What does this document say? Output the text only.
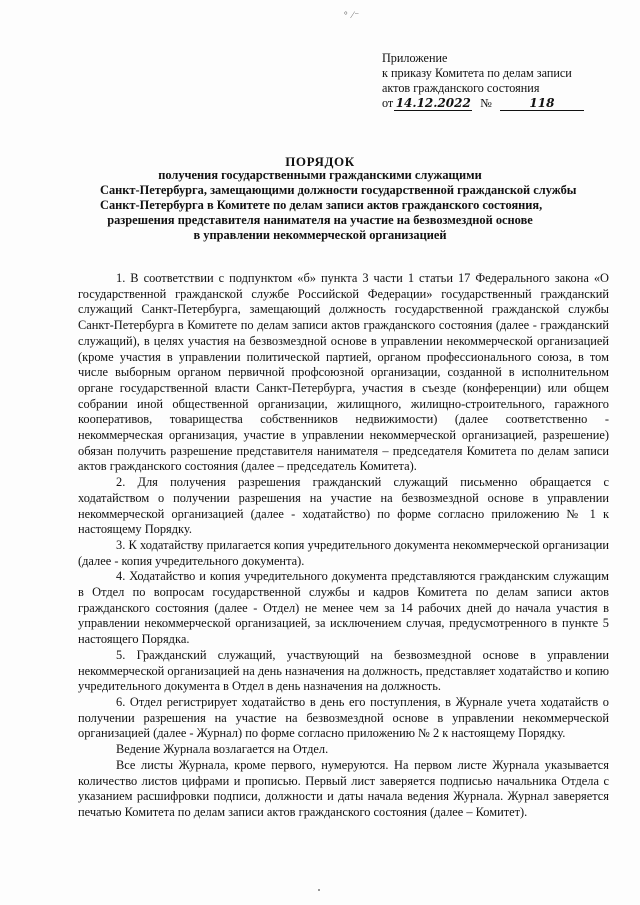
° ⁄⁻
Приложение
к приказу Комитета по делам записи
актов гражданского состояния
от 14.12.2022 №	118
ПОРЯДОК
получения государственными гражданскими служащими
Санкт-Петербурга, замещающими должности государственной гражданской службы
Санкт-Петербурга в Комитете по делам записи актов гражданского состояния,
разрешения представителя нанимателя на участие на безвозмездной основе
в управлении некоммерческой организацией

1. В соответствии с подпунктом «б» пункта 3 части 1 статьи 17 Федерального закона «О государственной гражданской службе Российской Федерации» государственный гражданский служащий Санкт-Петербурга, замещающий должность государственной гражданской службы Санкт-Петербурга в Комитете по делам записи актов гражданского состояния (далее - гражданский служащий), в целях участия на безвозмездной основе в управлении некоммерческой организацией (кроме участия в управлении политической партией, органом профессионального союза, в том числе выборным органом первичной профсоюзной организации, созданной в исполнительном органе государственной власти Санкт-Петербурга, участия в съезде (конференции) или общем собрании иной общественной организации, жилищного, жилищно-строительного, гаражного кооперативов, товарищества собственников недвижимости) (далее соответственно - некоммерческая организация, участие в управлении некоммерческой организацией, разрешение) обязан получить разрешение представителя нанимателя – председателя Комитета по делам записи актов гражданского состояния (далее – председатель Комитета).

2. Для получения разрешения гражданский служащий письменно обращается с ходатайством о получении разрешения на участие на безвозмездной основе в управлении некоммерческой организацией (далее - ходатайство) по форме согласно приложению № 1 к настоящему Порядку.

3. К ходатайству прилагается копия учредительного документа некоммерческой организации (далее - копия учредительного документа).

4. Ходатайство и копия учредительного документа представляются гражданским служащим в Отдел по вопросам государственной службы и кадров Комитета по делам записи актов гражданского состояния (далее - Отдел) не менее чем за 14 рабочих дней до начала участия в управлении некоммерческой организацией, за исключением случая, предусмотренного в пункте 5 настоящего Порядка.

5. Гражданский служащий, участвующий на безвозмездной основе в управлении некоммерческой организацией на день назначения на должность, представляет ходатайство и копию учредительного документа в Отдел в день назначения на должность.

6. Отдел регистрирует ходатайство в день его поступления, в Журнале учета ходатайств о получении разрешения на участие на безвозмездной основе в управлении некоммерческой организацией (далее - Журнал) по форме согласно приложению № 2 к настоящему Порядку.

Ведение Журнала возлагается на Отдел.

Все листы Журнала, кроме первого, нумеруются. На первом листе Журнала указывается количество листов цифрами и прописью. Первый лист заверяется подписью начальника Отдела с указанием расшифровки подписи, должности и даты начала ведения Журнала. Журнал заверяется печатью Комитета по делам записи актов гражданского состояния (далее – Комитет).
